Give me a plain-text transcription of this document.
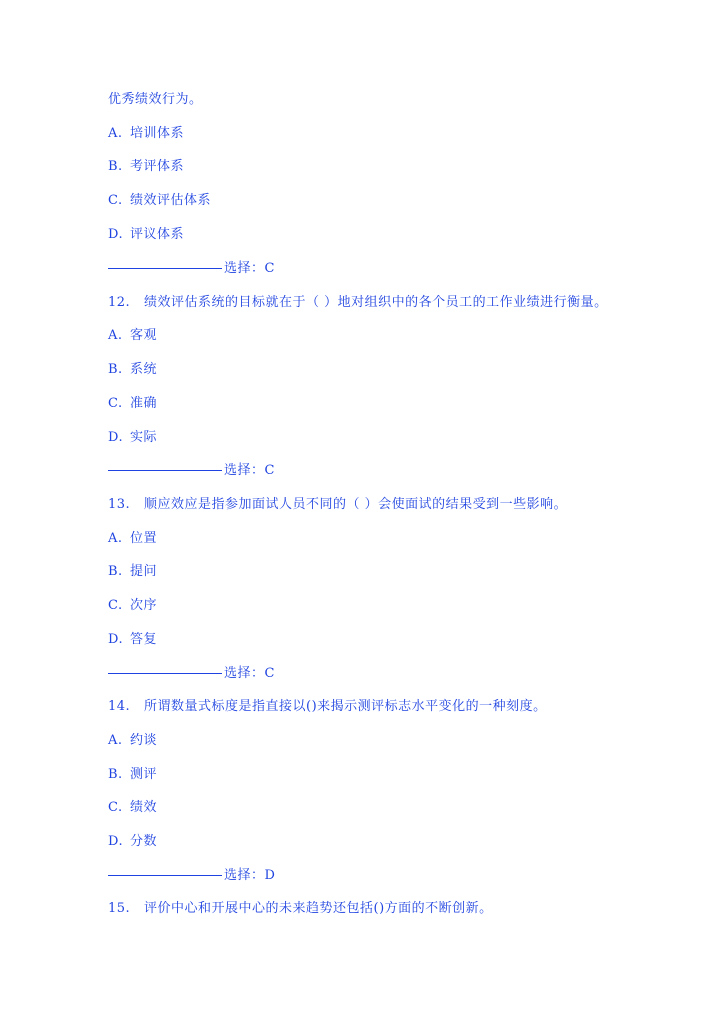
优秀绩效行为。
A. 培训体系
B. 考评体系
C. 绩效评估体系
D. 评议体系
选择：C
12. 绩效评估系统的目标就在于（ ）地对组织中的各个员工的工作业绩进行衡量。
A. 客观
B. 系统
C. 准确
D. 实际
选择：C
13. 顺应效应是指参加面试人员不同的（ ）会使面试的结果受到一些影响。
A. 位置
B. 提问
C. 次序
D. 答复
选择：C
14. 所谓数量式标度是指直接以()来揭示测评标志水平变化的一种刻度。
A. 约谈
B. 测评
C. 绩效
D. 分数
选择：D
15. 评价中心和开展中心的未来趋势还包括()方面的不断创新。
